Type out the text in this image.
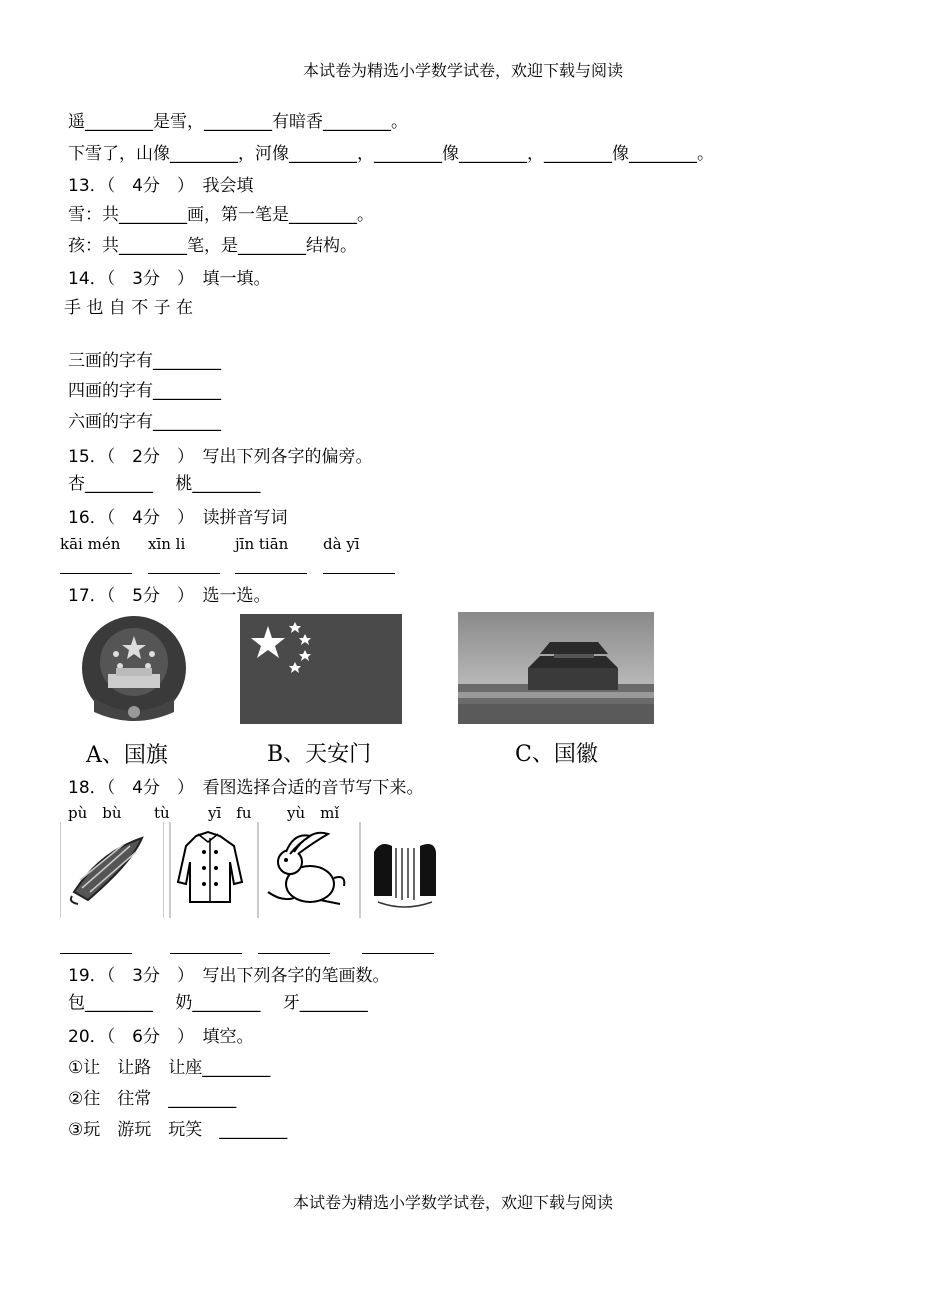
本试卷为精选小学数学试卷，欢迎下载与阅读
遥________是雪，________有暗香________。
下雪了，山像________，河像________，________像________，________像________。
13．（　4分　）　我会填
雪：共________画，第一笔是________。
孩：共________笔，是________结构。
14．（　3分　）　填一填。
手 也 自 不 子 在
三画的字有________
四画的字有________
六画的字有________
15．（　2分　）　写出下列各字的偏旁。
杏________　 桃________
16．（　4分　）　读拼音写词
kāi mén xīn li	jīn tiān dà yī
17．（　5分　）　选一选。
A、国旗	B、天安门	C、国徽
18．（　4分　）　看图选择合适的音节写下来。
pù　bù tù	yī　fu yù　mǐ
19．（　3分　）　写出下列各字的笔画数。
包________　 奶________　 牙________
20．（　6分　）　填空。
①让　让路　让座________
②往　往常　________
③玩　游玩　玩笑　________
本试卷为精选小学数学试卷，欢迎下载与阅读
